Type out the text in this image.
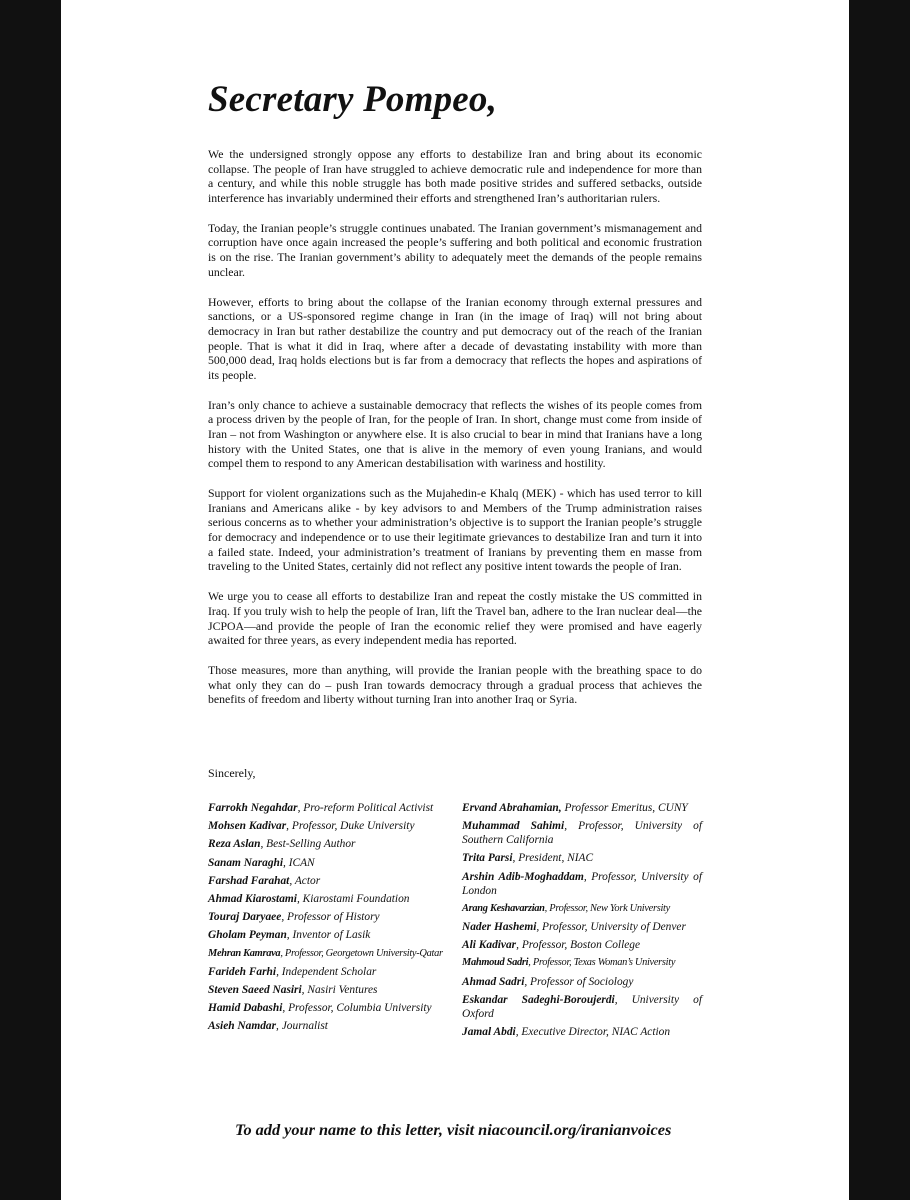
Secretary Pompeo,

We the undersigned strongly oppose any efforts to destabilize Iran and bring about its economic collapse. The people of Iran have struggled to achieve democratic rule and independence for more than a century, and while this noble struggle has both made positive strides and suffered setbacks, outside interference has invariably undermined their efforts and strengthened Iran’s authoritarian rulers.

Today, the Iranian people’s struggle continues unabated. The Iranian government’s mismanagement and corruption have once again increased the people’s suffering and both political and economic frustration is on the rise. The Iranian government’s ability to adequately meet the demands of the people remains unclear.

However, efforts to bring about the collapse of the Iranian economy through external pressures and sanctions, or a US-sponsored regime change in Iran (in the image of Iraq) will not bring about democracy in Iran but rather destabilize the country and put democracy out of the reach of the Iranian people. That is what it did in Iraq, where after a decade of devastating instability with more than 500,000 dead, Iraq holds elections but is far from a democracy that reflects the hopes and aspirations of its people.

Iran’s only chance to achieve a sustainable democracy that reflects the wishes of its people comes from a process driven by the people of Iran, for the people of Iran. In short, change must come from inside of Iran – not from Washington or anywhere else. It is also crucial to bear in mind that Iranians have a long history with the United States, one that is alive in the memory of even young Iranians, and would compel them to respond to any American destabilisation with wariness and hostility.

Support for violent organizations such as the Mujahedin-e Khalq (MEK) - which has used terror to kill Iranians and Americans alike - by key advisors to and Members of the Trump administration raises serious concerns as to whether your administration’s objective is to support the Iranian people’s struggle for democracy and independence or to use their legitimate grievances to destabilize Iran and turn it into a failed state. Indeed, your administration’s treatment of Iranians by preventing them en masse from traveling to the United States, certainly did not reflect any positive intent towards the people of Iran.

We urge you to cease all efforts to destabilize Iran and repeat the costly mistake the US committed in Iraq. If you truly wish to help the people of Iran, lift the Travel ban, adhere to the Iran nuclear deal—the JCPOA—and provide the people of Iran the economic relief they were promised and have eagerly awaited for three years, as every independent media has reported.

Those measures, more than anything, will provide the Iranian people with the breathing space to do what only they can do – push Iran towards democracy through a gradual process that achieves the benefits of freedom and liberty without turning Iran into another Iraq or Syria.

Sincerely,

Farrokh Negahdar, Pro-reform Political Activist
Mohsen Kadivar, Professor, Duke University
Reza Aslan, Best-Selling Author
Sanam Naraghi, ICAN
Farshad Farahat, Actor
Ahmad Kiarostami, Kiarostami Foundation
Touraj Daryaee, Professor of History
Gholam Peyman, Inventor of Lasik
Mehran Kamrava, Professor, Georgetown University-Qatar
Farideh Farhi, Independent Scholar
Steven Saeed Nasiri, Nasiri Ventures
Hamid Dabashi, Professor, Columbia University
Asieh Namdar, Journalist
Ervand Abrahamian, Professor Emeritus, CUNY
Muhammad Sahimi, Professor, University of Southern California
Trita Parsi, President, NIAC
Arshin Adib-Moghaddam, Professor, University of London
Arang Keshavarzian, Professor, New York University
Nader Hashemi, Professor, University of Denver
Ali Kadivar, Professor, Boston College
Mahmoud Sadri, Professor, Texas Woman’s University
Ahmad Sadri, Professor of Sociology
Eskandar Sadeghi-Boroujerdi, University of Oxford
Jamal Abdi, Executive Director, NIAC Action

To add your name to this letter, visit niacouncil.org/iranianvoices
